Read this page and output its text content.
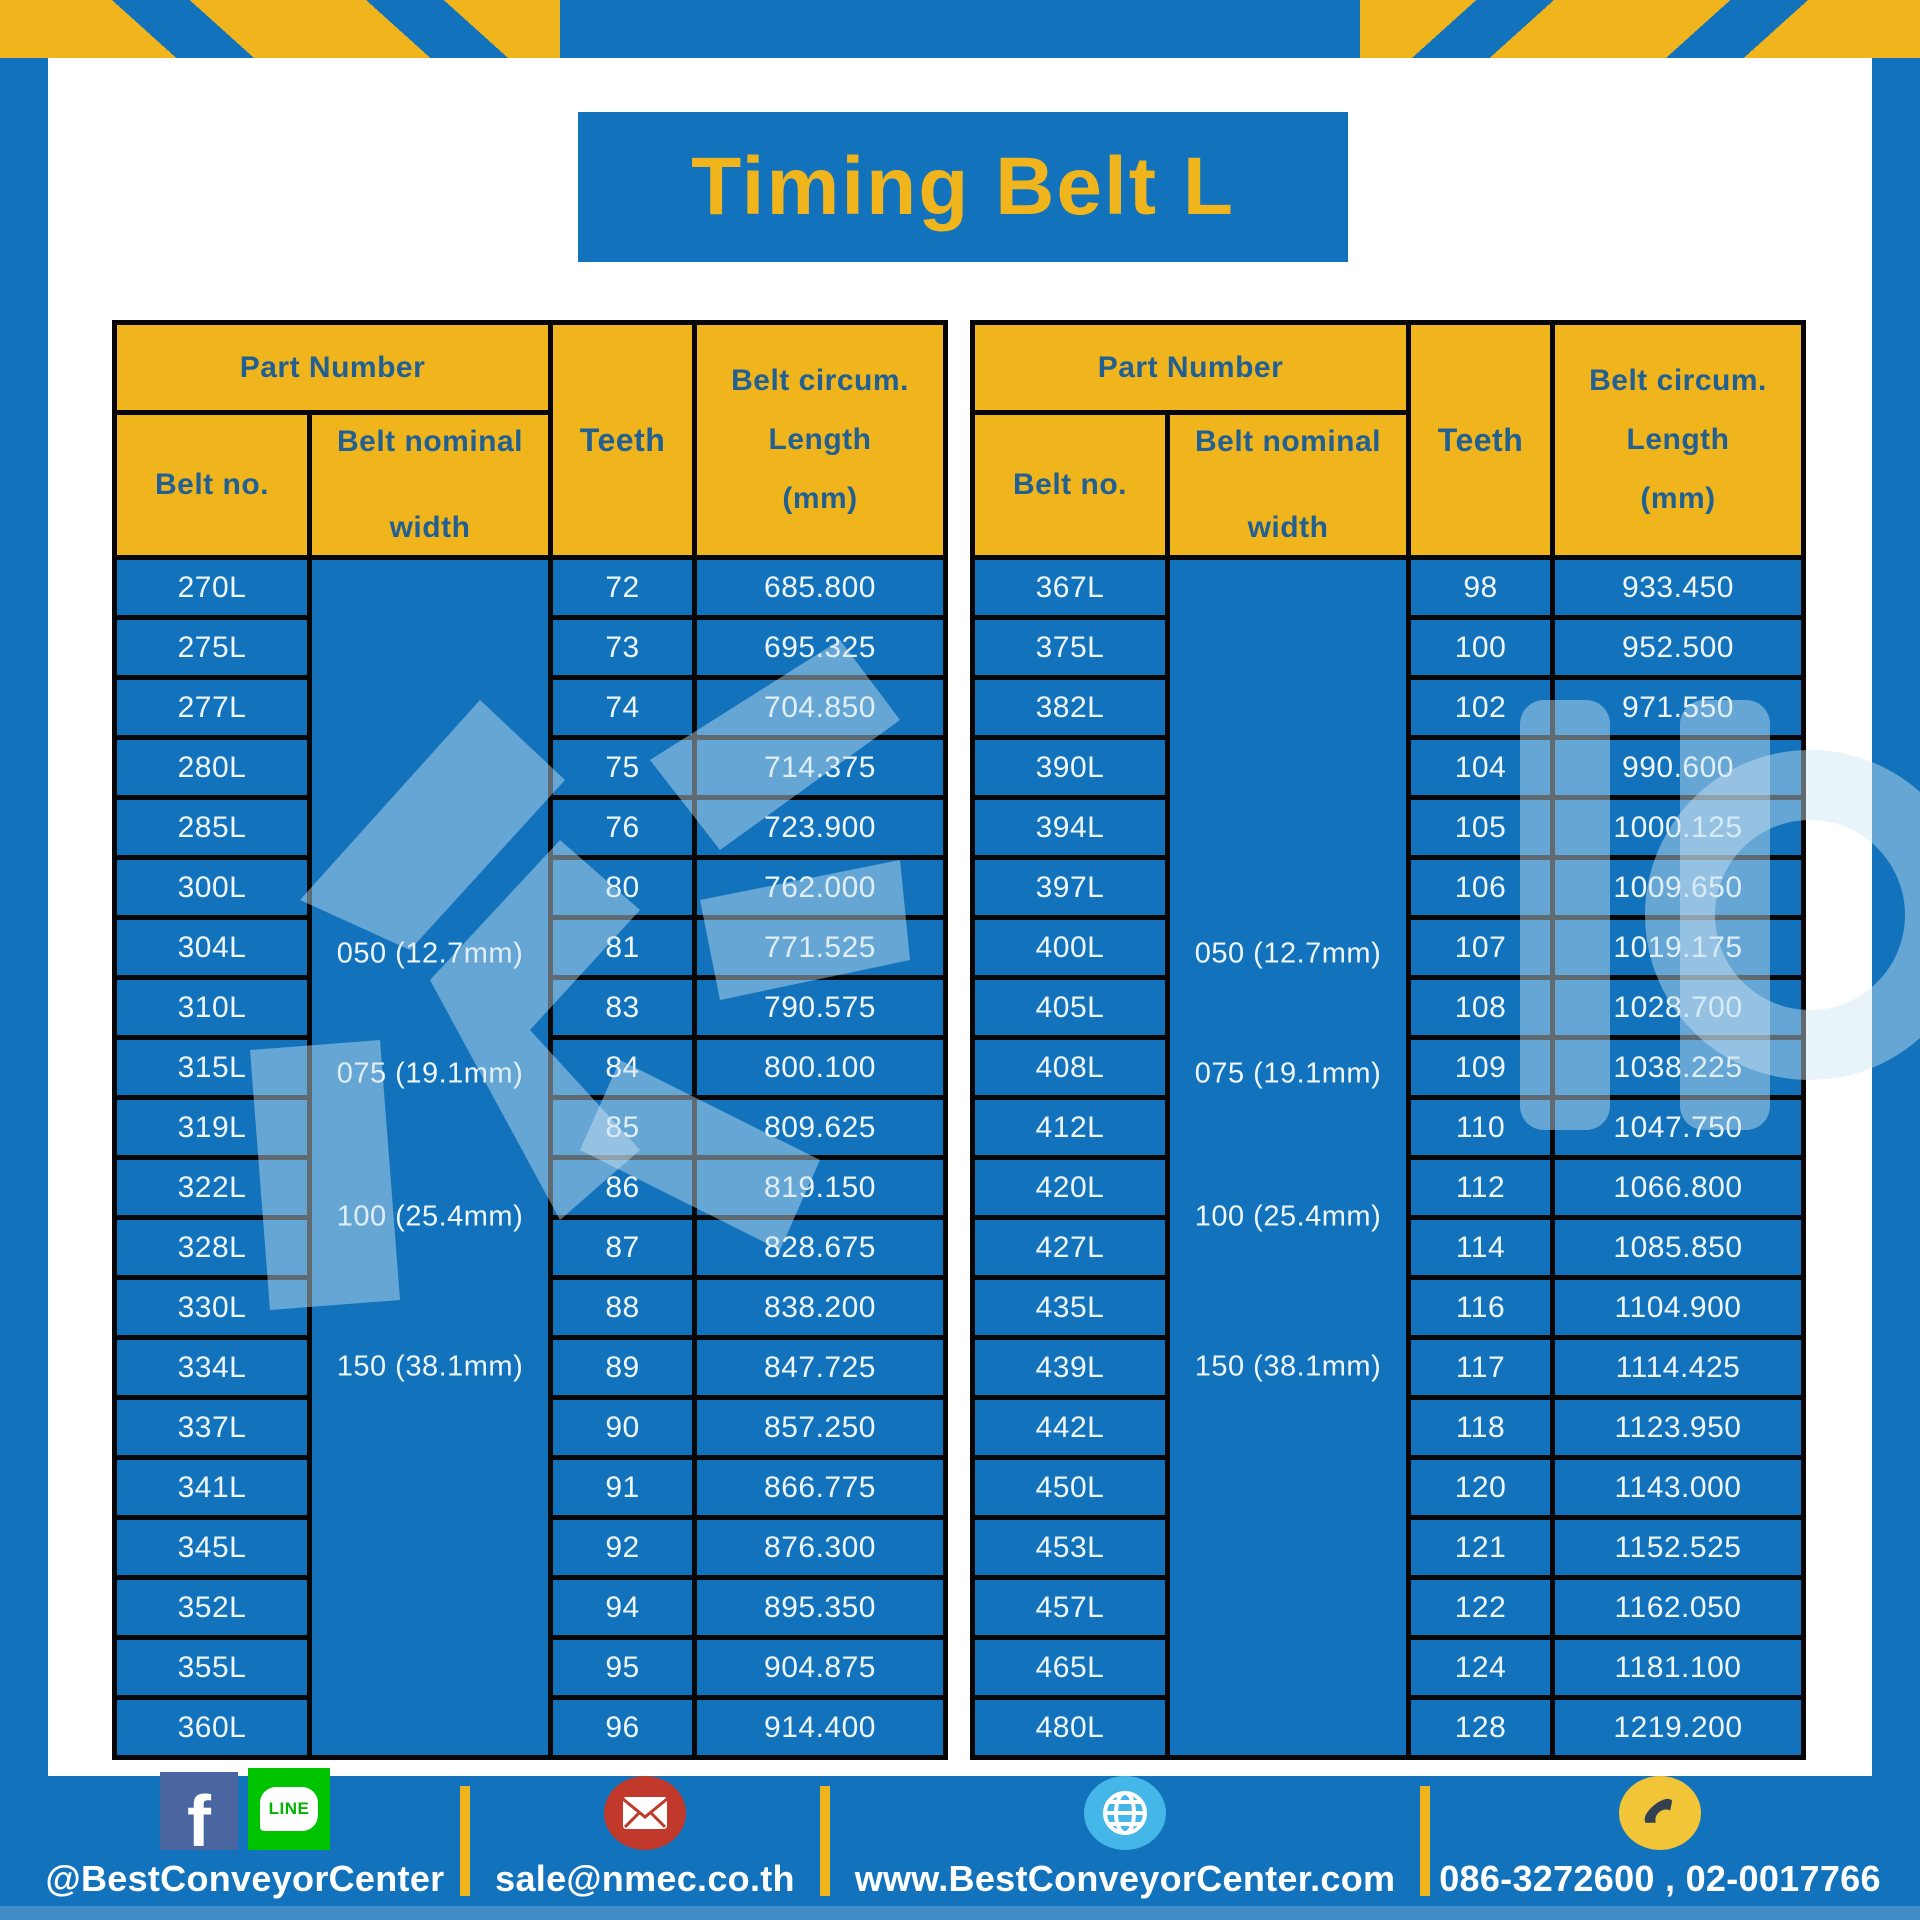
Timing Belt L
Part Number
Belt no.
Belt nominal
width
Teeth
Belt circum.
Length
(mm)
270L
275L
277L
280L
285L
300L
304L
310L
315L
319L
322L
328L
330L
334L
337L
341L
345L
352L
355L
360L
050 (12.7mm)
075 (19.1mm)
100 (25.4mm)
150 (38.1mm)
72
73
74
75
76
80
81
83
84
85
86
87
88
89
90
91
92
94
95
96
685.800
695.325
704.850
714.375
723.900
762.000
771.525
790.575
800.100
809.625
819.150
828.675
838.200
847.725
857.250
866.775
876.300
895.350
904.875
914.400
Part Number
Belt no.
Belt nominal
width
Teeth
Belt circum.
Length
(mm)
367L
375L
382L
390L
394L
397L
400L
405L
408L
412L
420L
427L
435L
439L
442L
450L
453L
457L
465L
480L
050 (12.7mm)
075 (19.1mm)
100 (25.4mm)
150 (38.1mm)
98
100
102
104
105
106
107
108
109
110
112
114
116
117
118
120
121
122
124
128
933.450
952.500
971.550
990.600
1000.125
1009.650
1019.175
1028.700
1038.225
1047.750
1066.800
1085.850
1104.900
1114.425
1123.950
1143.000
1152.525
1162.050
1181.100
1219.200
f	LINE
@BestConveyorCenter sale@nmec.co.th www.BestConveyorCenter.com 086-3272600 , 02-0017766
